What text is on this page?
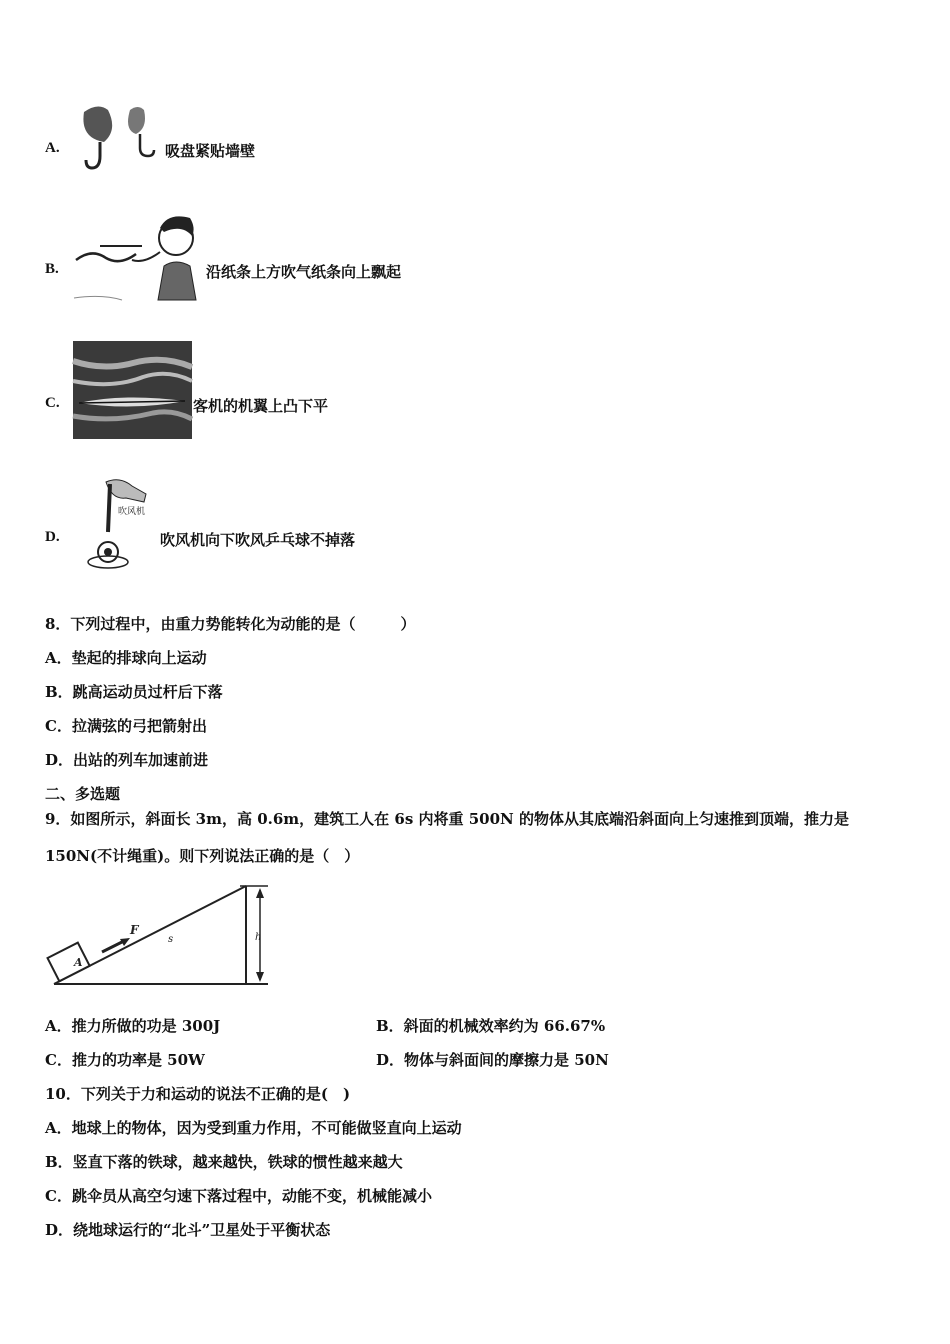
A.	吸盘紧贴墙壁
B.	沿纸条上方吹气纸条向上飘起
C.	客机的机翼上凸下平
D.
吹风机
吹风机向下吹风乒乓球不掉落
8．下列过程中，由重力势能转化为动能的是（　　　）
A．垫起的排球向上运动
B．跳高运动员过杆后下落
C．拉满弦的弓把箭射出
D．出站的列车加速前进
二、多选题
9．如图所示，斜面长 3m，高 0.6m，建筑工人在 6s 内将重 500N 的物体从其底端沿斜面向上匀速推到顶端，推力是
150N(不计绳重)。则下列说法正确的是（　）
h
A
F
s
A．推力所做的功是 300J	B．斜面的机械效率约为 66.67%
C．推力的功率是 50W	D．物体与斜面间的摩擦力是 50N
10．下列关于力和运动的说法不正确的是(　)
A．地球上的物体，因为受到重力作用，不可能做竖直向上运动
B．竖直下落的铁球，越来越快，铁球的惯性越来越大
C．跳伞员从高空匀速下落过程中，动能不变，机械能减小
D．绕地球运行的“北斗”卫星处于平衡状态
